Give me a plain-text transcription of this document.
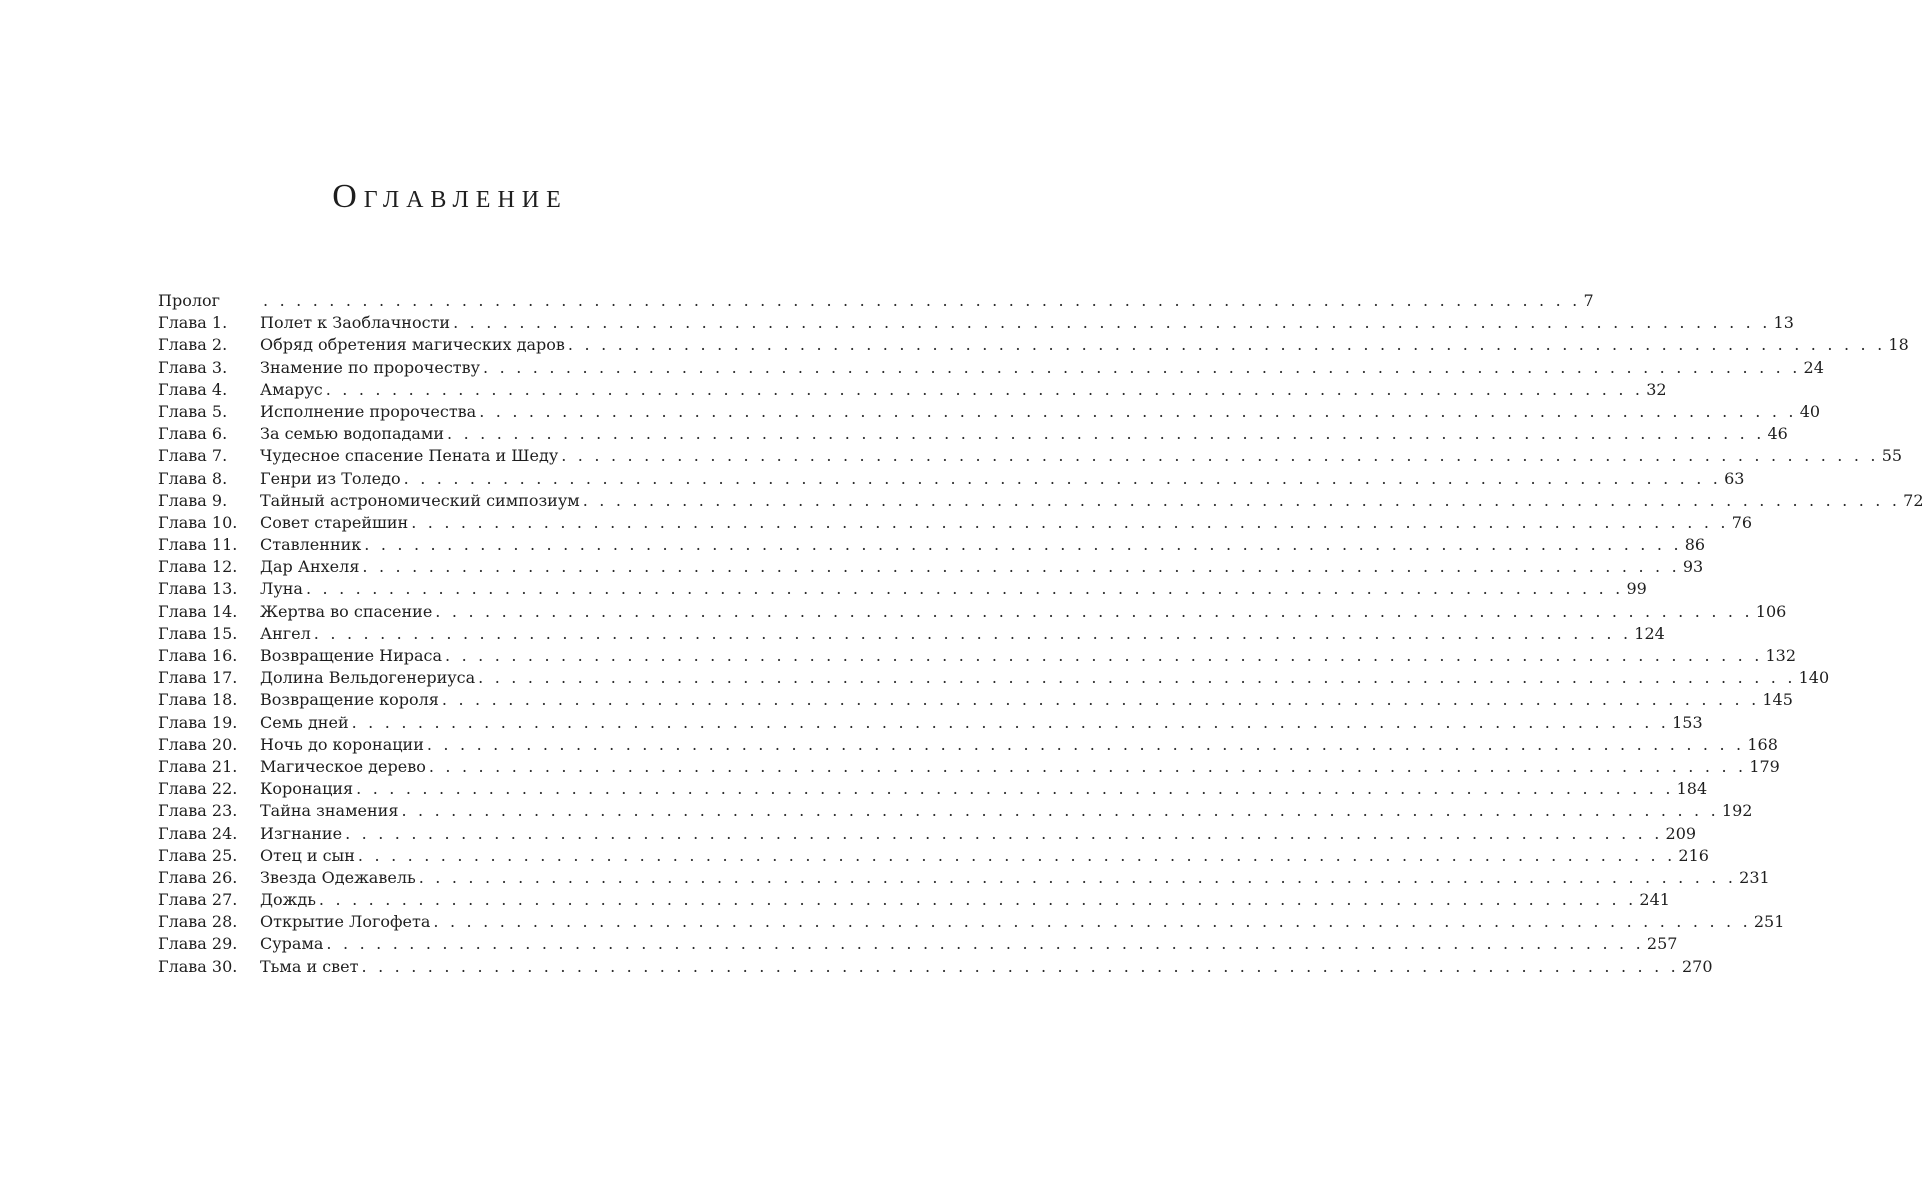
Оглавление
Пролог	. . . . . . . . . . . . . . . . . . . . . . . . . . . . . . . . . . . . . . . . . . . . . . . . . . . . . . . . . . . . . . . . . . . . . . . . . . . . . . . . 7
Глава 1.	Полет к Заоблачности . . . . . . . . . . . . . . . . . . . . . . . . . . . . . . . . . . . . . . . . . . . . . . . . . . . . . . . . . . . . . . . . . . . . . . . . . . . . . . . . 13
Глава 2.	Обряд обретения магических даров . . . . . . . . . . . . . . . . . . . . . . . . . . . . . . . . . . . . . . . . . . . . . . . . . . . . . . . . . . . . . . . . . . . . . . . . . . . . . . . . 18
Глава 3.	Знамение по пророчеству . . . . . . . . . . . . . . . . . . . . . . . . . . . . . . . . . . . . . . . . . . . . . . . . . . . . . . . . . . . . . . . . . . . . . . . . . . . . . . . . 24
Глава 4.	Амарус . . . . . . . . . . . . . . . . . . . . . . . . . . . . . . . . . . . . . . . . . . . . . . . . . . . . . . . . . . . . . . . . . . . . . . . . . . . . . . . . 32
Глава 5.	Исполнение пророчества . . . . . . . . . . . . . . . . . . . . . . . . . . . . . . . . . . . . . . . . . . . . . . . . . . . . . . . . . . . . . . . . . . . . . . . . . . . . . . . . 40
Глава 6.	За семью водопадами . . . . . . . . . . . . . . . . . . . . . . . . . . . . . . . . . . . . . . . . . . . . . . . . . . . . . . . . . . . . . . . . . . . . . . . . . . . . . . . . 46
Глава 7.	Чудесное спасение Пената и Шеду . . . . . . . . . . . . . . . . . . . . . . . . . . . . . . . . . . . . . . . . . . . . . . . . . . . . . . . . . . . . . . . . . . . . . . . . . . . . . . . . 55
Глава 8.	Генри из Толедо . . . . . . . . . . . . . . . . . . . . . . . . . . . . . . . . . . . . . . . . . . . . . . . . . . . . . . . . . . . . . . . . . . . . . . . . . . . . . . . . 63
Глава 9.	Тайный астрономический симпозиум . . . . . . . . . . . . . . . . . . . . . . . . . . . . . . . . . . . . . . . . . . . . . . . . . . . . . . . . . . . . . . . . . . . . . . . . . . . . . . . . 72
Глава 10.	Совет старейшин . . . . . . . . . . . . . . . . . . . . . . . . . . . . . . . . . . . . . . . . . . . . . . . . . . . . . . . . . . . . . . . . . . . . . . . . . . . . . . . . 76
Глава 11.	Ставленник . . . . . . . . . . . . . . . . . . . . . . . . . . . . . . . . . . . . . . . . . . . . . . . . . . . . . . . . . . . . . . . . . . . . . . . . . . . . . . . . 86
Глава 12.	Дар Анхеля . . . . . . . . . . . . . . . . . . . . . . . . . . . . . . . . . . . . . . . . . . . . . . . . . . . . . . . . . . . . . . . . . . . . . . . . . . . . . . . . 93
Глава 13.	Луна . . . . . . . . . . . . . . . . . . . . . . . . . . . . . . . . . . . . . . . . . . . . . . . . . . . . . . . . . . . . . . . . . . . . . . . . . . . . . . . . 99
Глава 14.	Жертва во спасение . . . . . . . . . . . . . . . . . . . . . . . . . . . . . . . . . . . . . . . . . . . . . . . . . . . . . . . . . . . . . . . . . . . . . . . . . . . . . . . . 106
Глава 15.	Ангел . . . . . . . . . . . . . . . . . . . . . . . . . . . . . . . . . . . . . . . . . . . . . . . . . . . . . . . . . . . . . . . . . . . . . . . . . . . . . . . . 124
Глава 16.	Возвращение Нираса . . . . . . . . . . . . . . . . . . . . . . . . . . . . . . . . . . . . . . . . . . . . . . . . . . . . . . . . . . . . . . . . . . . . . . . . . . . . . . . . 132
Глава 17.	Долина Вельдогенериуса . . . . . . . . . . . . . . . . . . . . . . . . . . . . . . . . . . . . . . . . . . . . . . . . . . . . . . . . . . . . . . . . . . . . . . . . . . . . . . . . 140
Глава 18.	Возвращение короля . . . . . . . . . . . . . . . . . . . . . . . . . . . . . . . . . . . . . . . . . . . . . . . . . . . . . . . . . . . . . . . . . . . . . . . . . . . . . . . . 145
Глава 19.	Семь дней . . . . . . . . . . . . . . . . . . . . . . . . . . . . . . . . . . . . . . . . . . . . . . . . . . . . . . . . . . . . . . . . . . . . . . . . . . . . . . . . 153
Глава 20.	Ночь до коронации . . . . . . . . . . . . . . . . . . . . . . . . . . . . . . . . . . . . . . . . . . . . . . . . . . . . . . . . . . . . . . . . . . . . . . . . . . . . . . . . 168
Глава 21.	Магическое дерево . . . . . . . . . . . . . . . . . . . . . . . . . . . . . . . . . . . . . . . . . . . . . . . . . . . . . . . . . . . . . . . . . . . . . . . . . . . . . . . . 179
Глава 22.	Коронация . . . . . . . . . . . . . . . . . . . . . . . . . . . . . . . . . . . . . . . . . . . . . . . . . . . . . . . . . . . . . . . . . . . . . . . . . . . . . . . . 184
Глава 23.	Тайна знамения . . . . . . . . . . . . . . . . . . . . . . . . . . . . . . . . . . . . . . . . . . . . . . . . . . . . . . . . . . . . . . . . . . . . . . . . . . . . . . . . 192
Глава 24.	Изгнание . . . . . . . . . . . . . . . . . . . . . . . . . . . . . . . . . . . . . . . . . . . . . . . . . . . . . . . . . . . . . . . . . . . . . . . . . . . . . . . . 209
Глава 25.	Отец и сын . . . . . . . . . . . . . . . . . . . . . . . . . . . . . . . . . . . . . . . . . . . . . . . . . . . . . . . . . . . . . . . . . . . . . . . . . . . . . . . . 216
Глава 26.	Звезда Одежавель . . . . . . . . . . . . . . . . . . . . . . . . . . . . . . . . . . . . . . . . . . . . . . . . . . . . . . . . . . . . . . . . . . . . . . . . . . . . . . . . 231
Глава 27.	Дождь . . . . . . . . . . . . . . . . . . . . . . . . . . . . . . . . . . . . . . . . . . . . . . . . . . . . . . . . . . . . . . . . . . . . . . . . . . . . . . . . 241
Глава 28.	Открытие Логофета . . . . . . . . . . . . . . . . . . . . . . . . . . . . . . . . . . . . . . . . . . . . . . . . . . . . . . . . . . . . . . . . . . . . . . . . . . . . . . . . 251
Глава 29.	Сурама . . . . . . . . . . . . . . . . . . . . . . . . . . . . . . . . . . . . . . . . . . . . . . . . . . . . . . . . . . . . . . . . . . . . . . . . . . . . . . . . 257
Глава 30.	Тьма и свет . . . . . . . . . . . . . . . . . . . . . . . . . . . . . . . . . . . . . . . . . . . . . . . . . . . . . . . . . . . . . . . . . . . . . . . . . . . . . . . . 270
